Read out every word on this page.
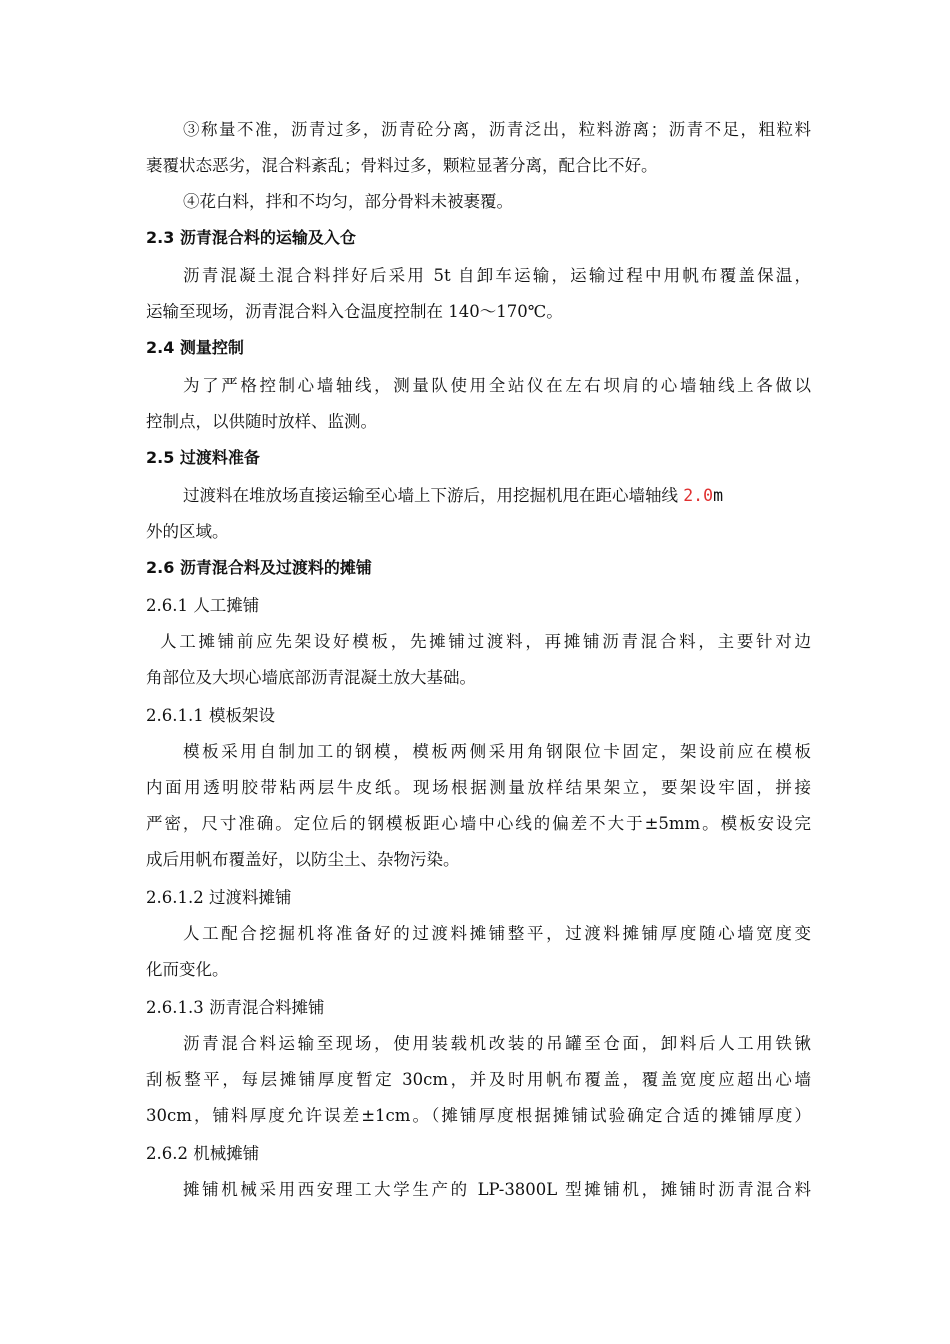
③称量不准，沥青过多，沥青砼分离，沥青泛出，粒料游离；沥青不足，粗粒料
裹覆状态恶劣，混合料紊乱；骨料过多，颗粒显著分离，配合比不好。
④花白料，拌和不均匀，部分骨料未被裹覆。
2.3 沥青混合料的运输及入仓
沥青混凝土混合料拌好后采用 5t 自卸车运输，运输过程中用帆布覆盖保温，
运输至现场，沥青混合料入仓温度控制在 140～170℃。
2.4 测量控制
为了严格控制心墙轴线，测量队使用全站仪在左右坝肩的心墙轴线上各做以
控制点，以供随时放样、监测。
2.5 过渡料准备
过渡料在堆放场直接运输至心墙上下游后，用挖掘机甩在距心墙轴线 2.0m
外的区域。
2.6 沥青混合料及过渡料的摊铺
2.6.1 人工摊铺
人工摊铺前应先架设好模板，先摊铺过渡料，再摊铺沥青混合料，主要针对边
角部位及大坝心墙底部沥青混凝土放大基础。
2.6.1.1 模板架设
模板采用自制加工的钢模，模板两侧采用角钢限位卡固定，架设前应在模板
内面用透明胶带粘两层牛皮纸。现场根据测量放样结果架立，要架设牢固，拼接
严密，尺寸准确。定位后的钢模板距心墙中心线的偏差不大于±5mm。模板安设完
成后用帆布覆盖好，以防尘土、杂物污染。
2.6.1.2 过渡料摊铺
人工配合挖掘机将准备好的过渡料摊铺整平，过渡料摊铺厚度随心墙宽度变
化而变化。
2.6.1.3 沥青混合料摊铺
沥青混合料运输至现场，使用装载机改装的吊罐至仓面，卸料后人工用铁锹
刮板整平，每层摊铺厚度暂定 30cm，并及时用帆布覆盖，覆盖宽度应超出心墙
30cm，铺料厚度允许误差±1cm。（摊铺厚度根据摊铺试验确定合适的摊铺厚度）
2.6.2 机械摊铺
摊铺机械采用西安理工大学生产的 LP-3800L 型摊铺机，摊铺时沥青混合料
